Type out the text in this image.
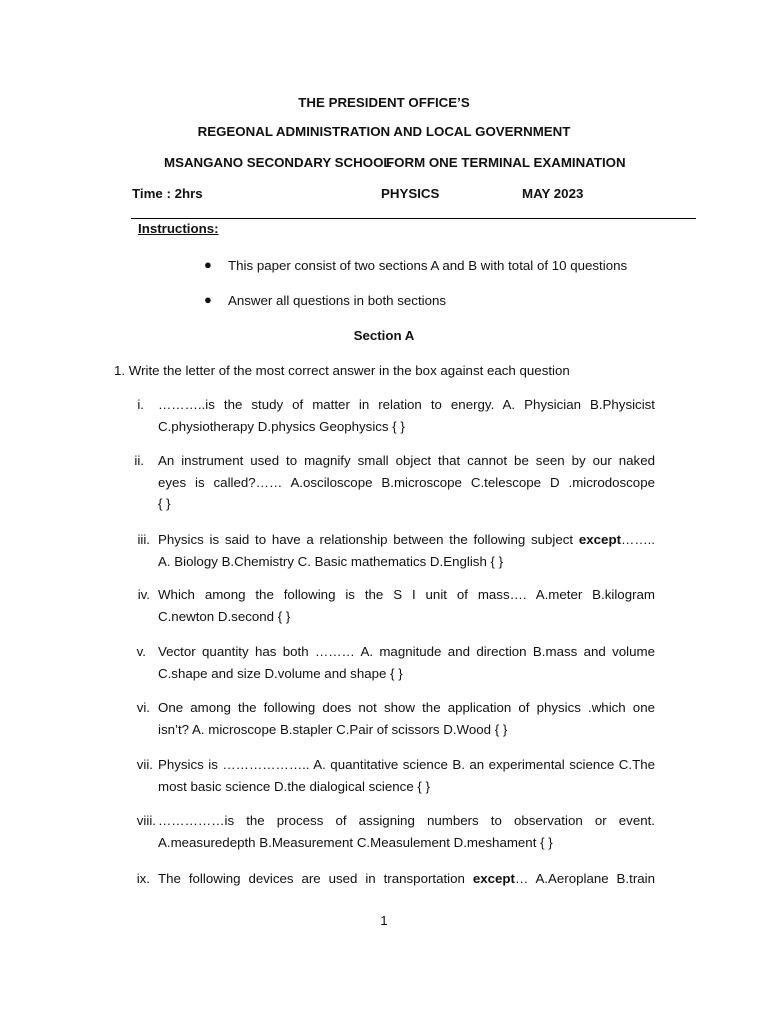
THE PRESIDENT OFFICE’S
REGEONAL ADMINISTRATION AND LOCAL GOVERNMENT
MSANGANO SECONDARY SCHOOL
FORM ONE TERMINAL EXAMINATION
Time : 2hrs	PHYSICS	MAY 2023
Instructions:
● This paper consist of two sections A and B with total of 10 questions
● Answer all questions in both sections
Section A
1. Write the letter of the most correct answer in the box against each question
i. ………..is the study of matter in relation to energy. A. Physician B.Physicist
C.physiotherapy D.physics Geophysics { }
ii. An instrument used to magnify small object that cannot be seen by our naked
eyes is called?…… A.osciloscope B.microscope C.telescope D .microdoscope
{ }
iii. Physics is said to have a relationship between the following subject except……..
A. Biology B.Chemistry C. Basic mathematics D.English { }
iv. Which among the following is the S I unit of mass…. A.meter B.kilogram
C.newton D.second { }
v. Vector quantity has both ……… A. magnitude and direction B.mass and volume
C.shape and size D.volume and shape { }
vi. One among the following does not show the application of physics .which one
isn’t? A. microscope B.stapler C.Pair of scissors D.Wood { }
vii. Physics is ……………….. A. quantitative science B. an experimental science C.The
most basic science D.the dialogical science { }
viii. ……………is the process of assigning numbers to observation or event.
A.measuredepth B.Measurement C.Measulement D.meshament { }
ix. The following devices are used in transportation except… A.Aeroplane B.train
1
